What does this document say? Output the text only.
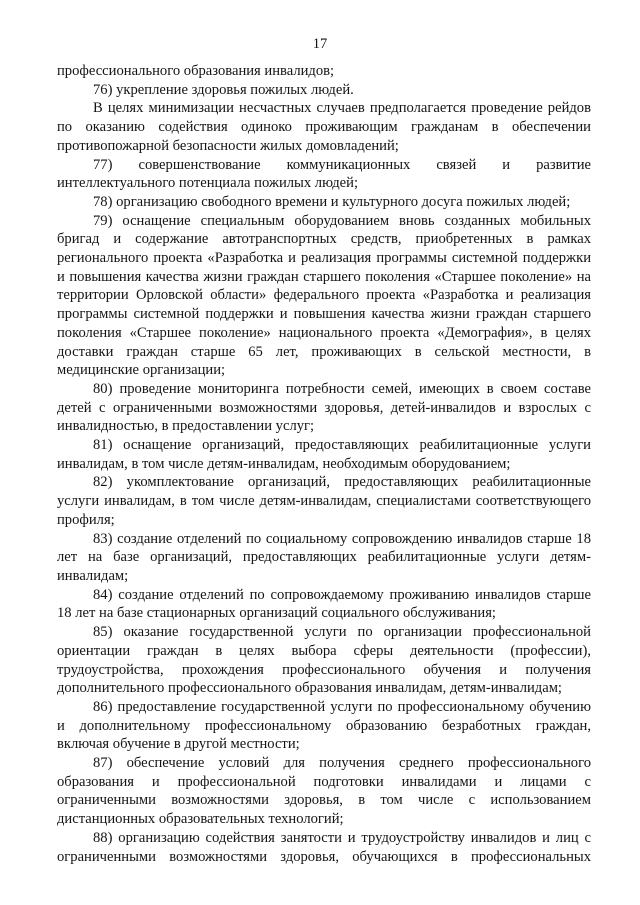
17

профессионального образования инвалидов;

76) укрепление здоровья пожилых людей.

В целях минимизации несчастных случаев предполагается проведение рейдов по оказанию содействия одиноко проживающим гражданам в обеспечении противопожарной безопасности жилых домовладений;

77) совершенствование коммуникационных связей и развитие интеллектуального потенциала пожилых людей;

78) организацию свободного времени и культурного досуга пожилых людей;

79) оснащение специальным оборудованием вновь созданных мобильных бригад и содержание автотранспортных средств, приобретенных в рамках регионального проекта «Разработка и реализация программы системной поддержки и повышения качества жизни граждан старшего поколения «Старшее поколение» на территории Орловской области» федерального проекта «Разработка и реализация программы системной поддержки и повышения качества жизни граждан старшего поколения «Старшее поколение» национального проекта «Демография», в целях доставки граждан старше 65 лет, проживающих в сельской местности, в медицинские организации;

80) проведение мониторинга потребности семей, имеющих в своем составе детей с ограниченными возможностями здоровья, детей-инвалидов и взрослых с инвалидностью, в предоставлении услуг;

81) оснащение организаций, предоставляющих реабилитационные услуги инвалидам, в том числе детям-инвалидам, необходимым оборудованием;

82) укомплектование организаций, предоставляющих реабилитационные услуги инвалидам, в том числе детям-инвалидам, специалистами соответствующего профиля;

83) создание отделений по социальному сопровождению инвалидов старше 18 лет на базе организаций, предоставляющих реабилитационные услуги детям-инвалидам;

84) создание отделений по сопровождаемому проживанию инвалидов старше 18 лет на базе стационарных организаций социального обслуживания;

85) оказание государственной услуги по организации профессиональной ориентации граждан в целях выбора сферы деятельности (профессии), трудоустройства, прохождения профессионального обучения и получения дополнительного профессионального образования инвалидам, детям-инвалидам;

86) предоставление государственной услуги по профессиональному обучению и дополнительному профессиональному образованию безработных граждан, включая обучение в другой местности;

87) обеспечение условий для получения среднего профессионального образования и профессиональной подготовки инвалидами и лицами с ограниченными возможностями здоровья, в том числе с использованием дистанционных образовательных технологий;

88) организацию содействия занятости и трудоустройству инвалидов и лиц с ограниченными возможностями здоровья, обучающихся в профессиональных
